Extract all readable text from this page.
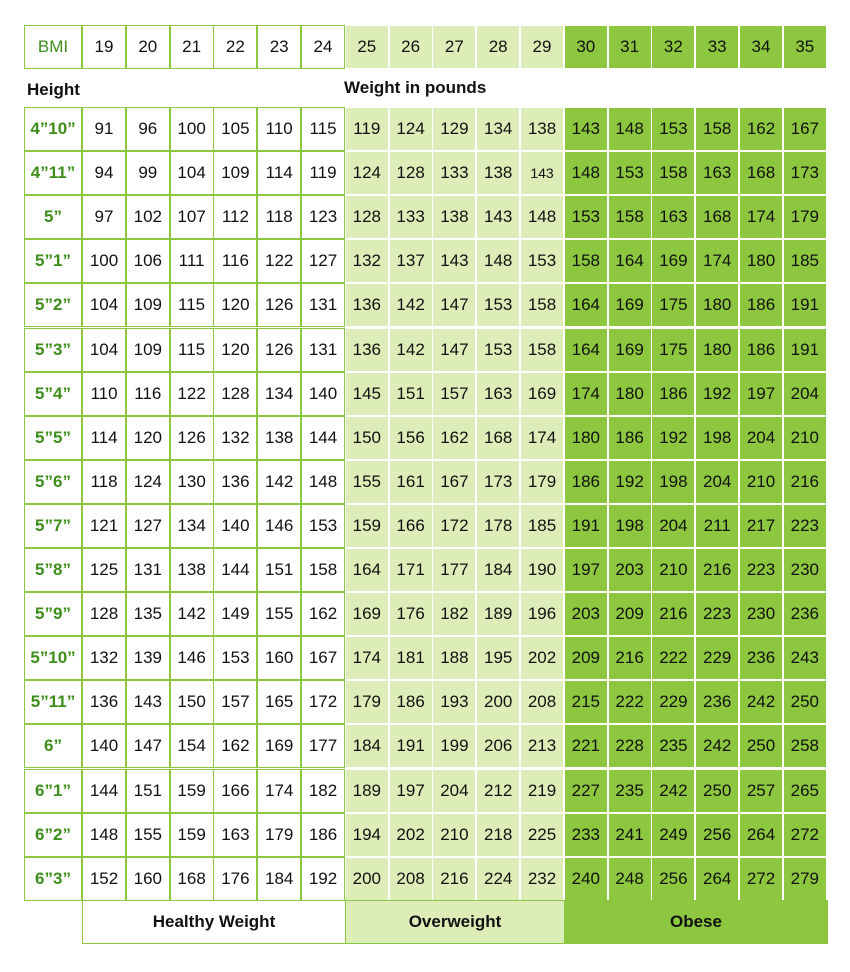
BMI	19	20	21	22	23	24	25	26	27	28	29	30	31	32	33	34	35
Height	Weight in pounds
4”10”	91	96	100 105 110 115 119 124 129 134 138 143 148 153 158 162 167
4”11”	94	99	104 109 114 119 124 128 133 138	143	148 153 158 163 168 173
5”	97	102 107 112 118 123 128 133 138 143 148 153 158 163 168 174 179
5”1”	100 106 111	116 122 127 132 137 143 148 153 158 164 169 174 180 185
5”2”	104 109 115 120 126 131 136 142 147 153 158 164 169 175 180 186 191
5”3”	104 109 115 120 126 131 136 142 147 153 158 164 169 175 180 186 191
5”4”	110 116 122 128 134 140 145 151 157 163 169 174 180 186 192 197 204
5”5”	114 120 126 132 138 144 150 156 162 168 174 180 186 192 198 204 210
5”6”	118 124 130 136 142 148 155 161 167 173 179 186 192 198 204 210 216
5”7”	121 127 134 140 146 153 159 166 172 178 185 191 198 204 211 217 223
5”8”	125 131 138 144 151 158 164 171 177 184 190 197 203 210 216 223 230
5”9”	128 135 142 149 155 162 169 176 182 189 196 203 209 216 223 230 236
5”10” 132 139 146 153 160 167 174 181 188 195 202 209 216 222 229 236 243
5”11” 136 143 150 157 165 172 179 186 193 200 208 215 222 229 236 242 250
6”	140 147 154 162 169 177 184 191 199 206 213 221 228 235 242 250 258
6”1”	144 151 159 166 174 182 189 197 204 212 219 227 235 242 250 257 265
6”2”	148 155 159 163 179 186 194 202 210 218 225 233 241 249 256 264 272
6”3”	152 160 168 176 184 192 200 208 216 224 232 240 248 256 264 272 279
Healthy Weight	Overweight	Obese
